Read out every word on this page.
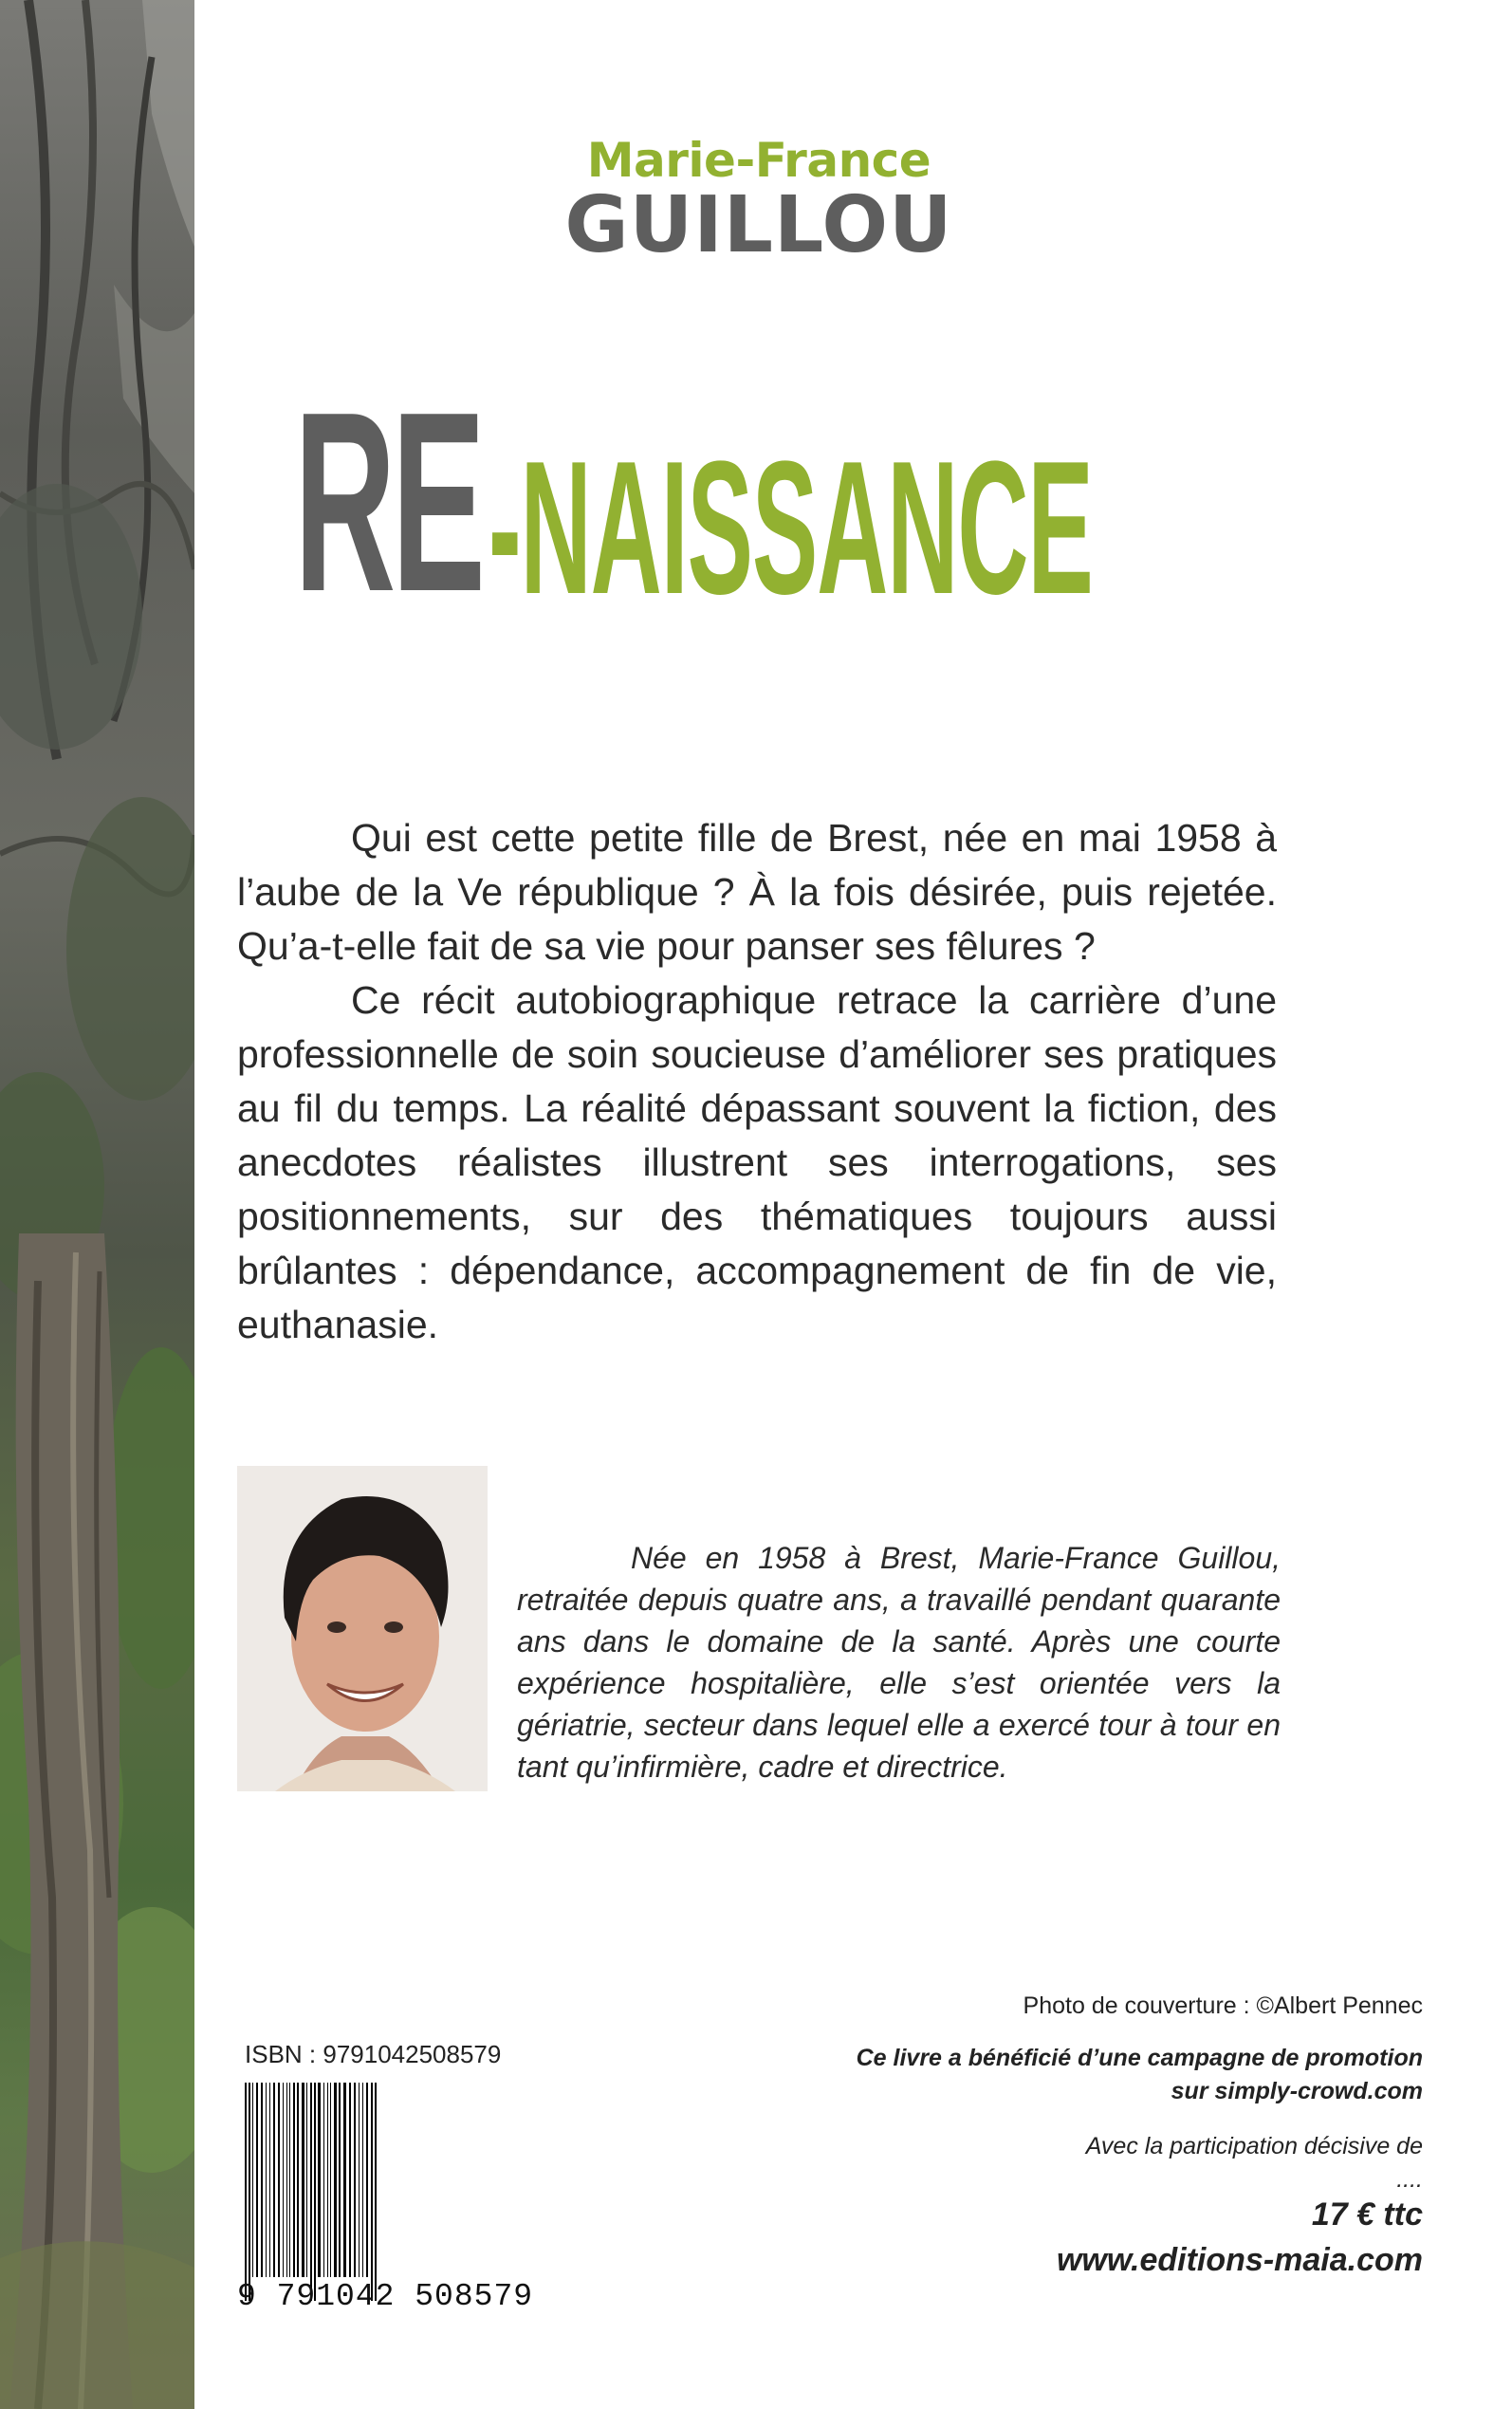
Marie-France
GUILLOU
RE -NAISSANCE

Qui est cette petite fille de Brest, née en mai 1958 à l’aube de la Ve république ? À la fois désirée, puis rejetée. Qu’a-t-elle fait de sa vie pour panser ses fêlures ?

Ce récit autobiographique retrace la carrière d’une professionnelle de soin soucieuse d’améliorer ses pratiques au fil du temps. La réalité dépassant souvent la fiction, des anecdotes réalistes illustrent ses interrogations, ses positionnements, sur des thématiques toujours aussi brûlantes : dépendance, accompagnement de fin de vie, euthanasie.

Née en 1958 à Brest, Marie-France Guillou, retraitée depuis quatre ans, a travaillé pendant quarante ans dans le domaine de la santé. Après une courte expérience hospitalière, elle s’est orientée vers la gériatrie, secteur dans lequel elle a exercé tour à tour en tant qu’infirmière, cadre et directrice.

ISBN : 9791042508579
9 791042 508579
Photo de couverture : ©Albert Pennec
Ce livre a bénéficié d’une campagne de promotion
sur simply-crowd.com
Avec la participation décisive de
....
17 € ttc
www.editions-maia.com
